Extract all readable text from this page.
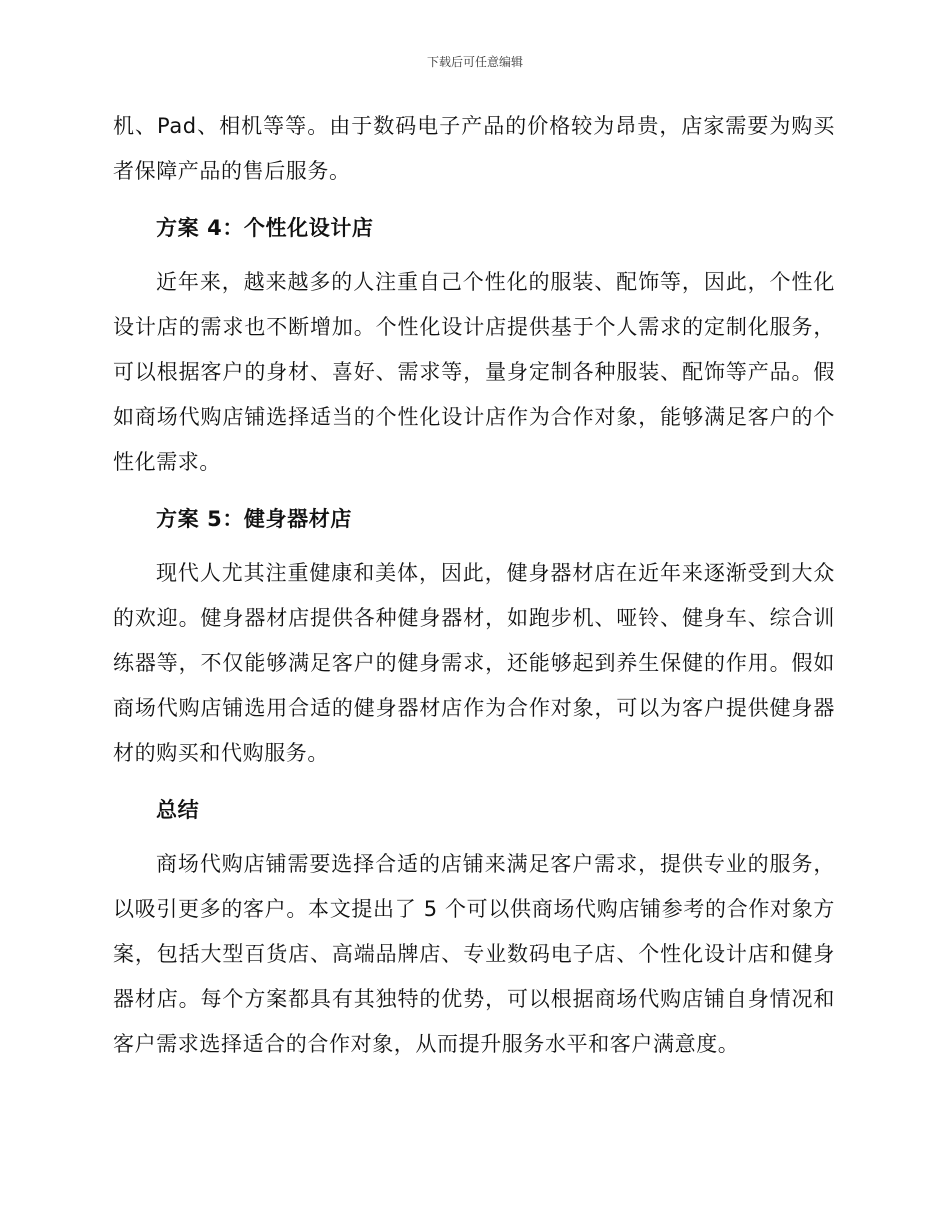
下载后可任意编辑

机、Pad、相机等等。由于数码电子产品的价格较为昂贵，店家需要为购买者保障产品的售后服务。

方案 4：个性化设计店

近年来，越来越多的人注重自己个性化的服装、配饰等，因此，个性化设计店的需求也不断增加。个性化设计店提供基于个人需求的定制化服务，可以根据客户的身材、喜好、需求等，量身定制各种服装、配饰等产品。假如商场代购店铺选择适当的个性化设计店作为合作对象，能够满足客户的个性化需求。

方案 5：健身器材店

现代人尤其注重健康和美体，因此，健身器材店在近年来逐渐受到大众的欢迎。健身器材店提供各种健身器材，如跑步机、哑铃、健身车、综合训练器等，不仅能够满足客户的健身需求，还能够起到养生保健的作用。假如商场代购店铺选用合适的健身器材店作为合作对象，可以为客户提供健身器材的购买和代购服务。

总结

商场代购店铺需要选择合适的店铺来满足客户需求，提供专业的服务，以吸引更多的客户。本文提出了 5 个可以供商场代购店铺参考的合作对象方案，包括大型百货店、高端品牌店、专业数码电子店、个性化设计店和健身器材店。每个方案都具有其独特的优势，可以根据商场代购店铺自身情况和客户需求选择适合的合作对象，从而提升服务水平和客户满意度。
